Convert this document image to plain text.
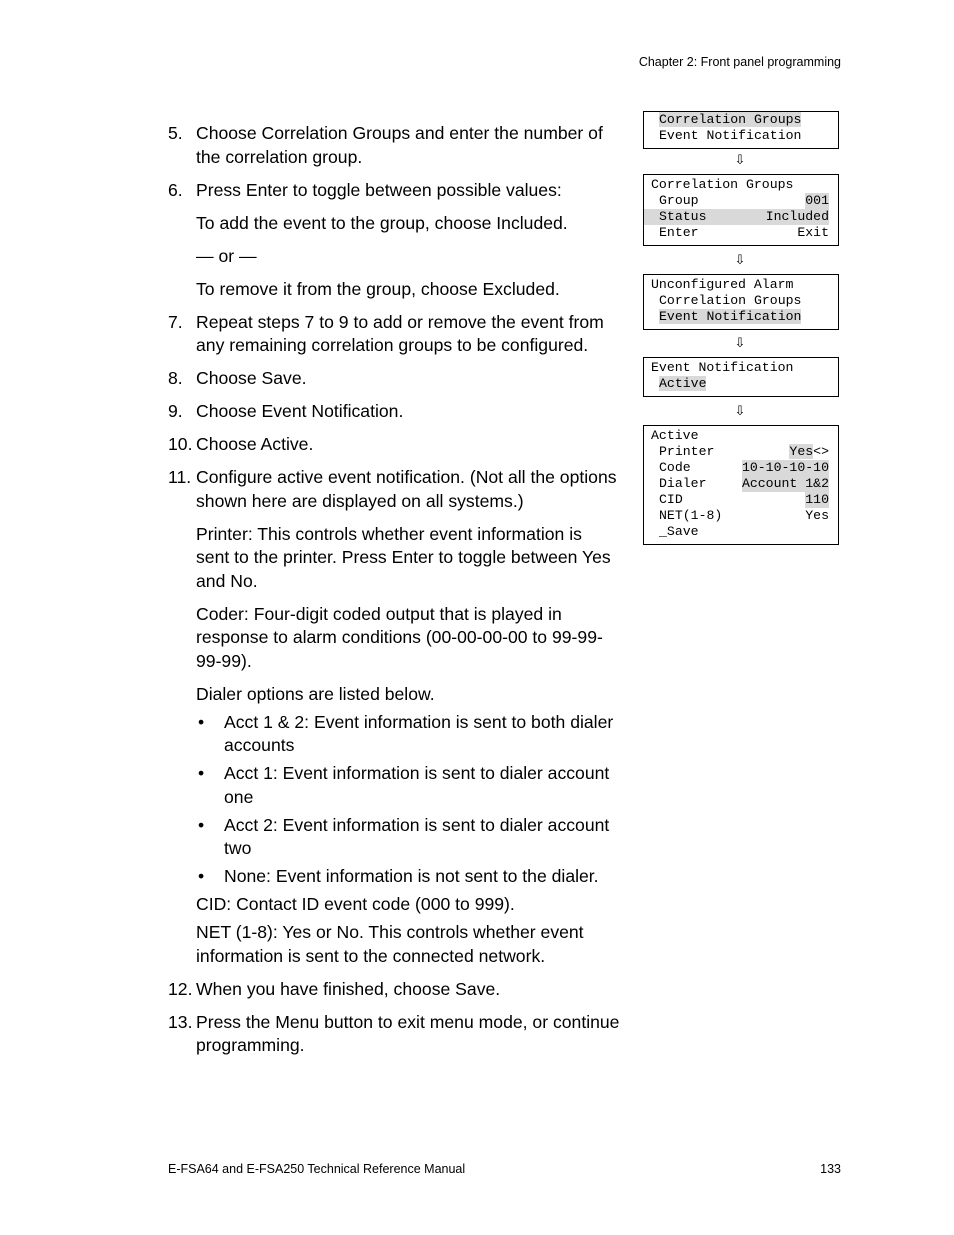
Chapter 2: Front panel programming
5. Choose Correlation Groups and enter the number of the correlation group.
6. Press Enter to toggle between possible values:
To add the event to the group, choose Included.
— or —
To remove it from the group, choose Excluded.
7. Repeat steps 7 to 9 to add or remove the event from any remaining correlation groups to be configured.
8. Choose Save.
9. Choose Event Notification.
10. Choose Active.
11. Configure active event notification. (Not all the options shown here are displayed on all systems.)
Printer: This controls whether event information is sent to the printer. Press Enter to toggle between Yes and No.
Coder: Four-digit coded output that is played in response to alarm conditions (00-00-00-00 to 99-99-99-99).
Dialer options are listed below.
• Acct 1 & 2: Event information is sent to both dialer accounts
• Acct 1: Event information is sent to dialer account one
• Acct 2: Event information is sent to dialer account two
• None: Event information is not sent to the dialer.
CID: Contact ID event code (000 to 999).
NET (1-8): Yes or No. This controls whether event information is sent to the connected network.
12. When you have finished, choose Save.
13. Press the Menu button to exit menu mode, or continue programming.
Correlation Groups
Event Notification
⇩
Correlation Groups
Group	001
Status	Included
Enter	Exit
⇩
Unconfigured Alarm
Correlation Groups
Event Notification
⇩
Event Notification
Active
⇩
Active
Printer	Yes<>
Code	10-10-10-10
Dialer	Account 1&2
CID	110
NET(1-8)	Yes
_Save
E-FSA64 and E-FSA250 Technical Reference Manual	133
